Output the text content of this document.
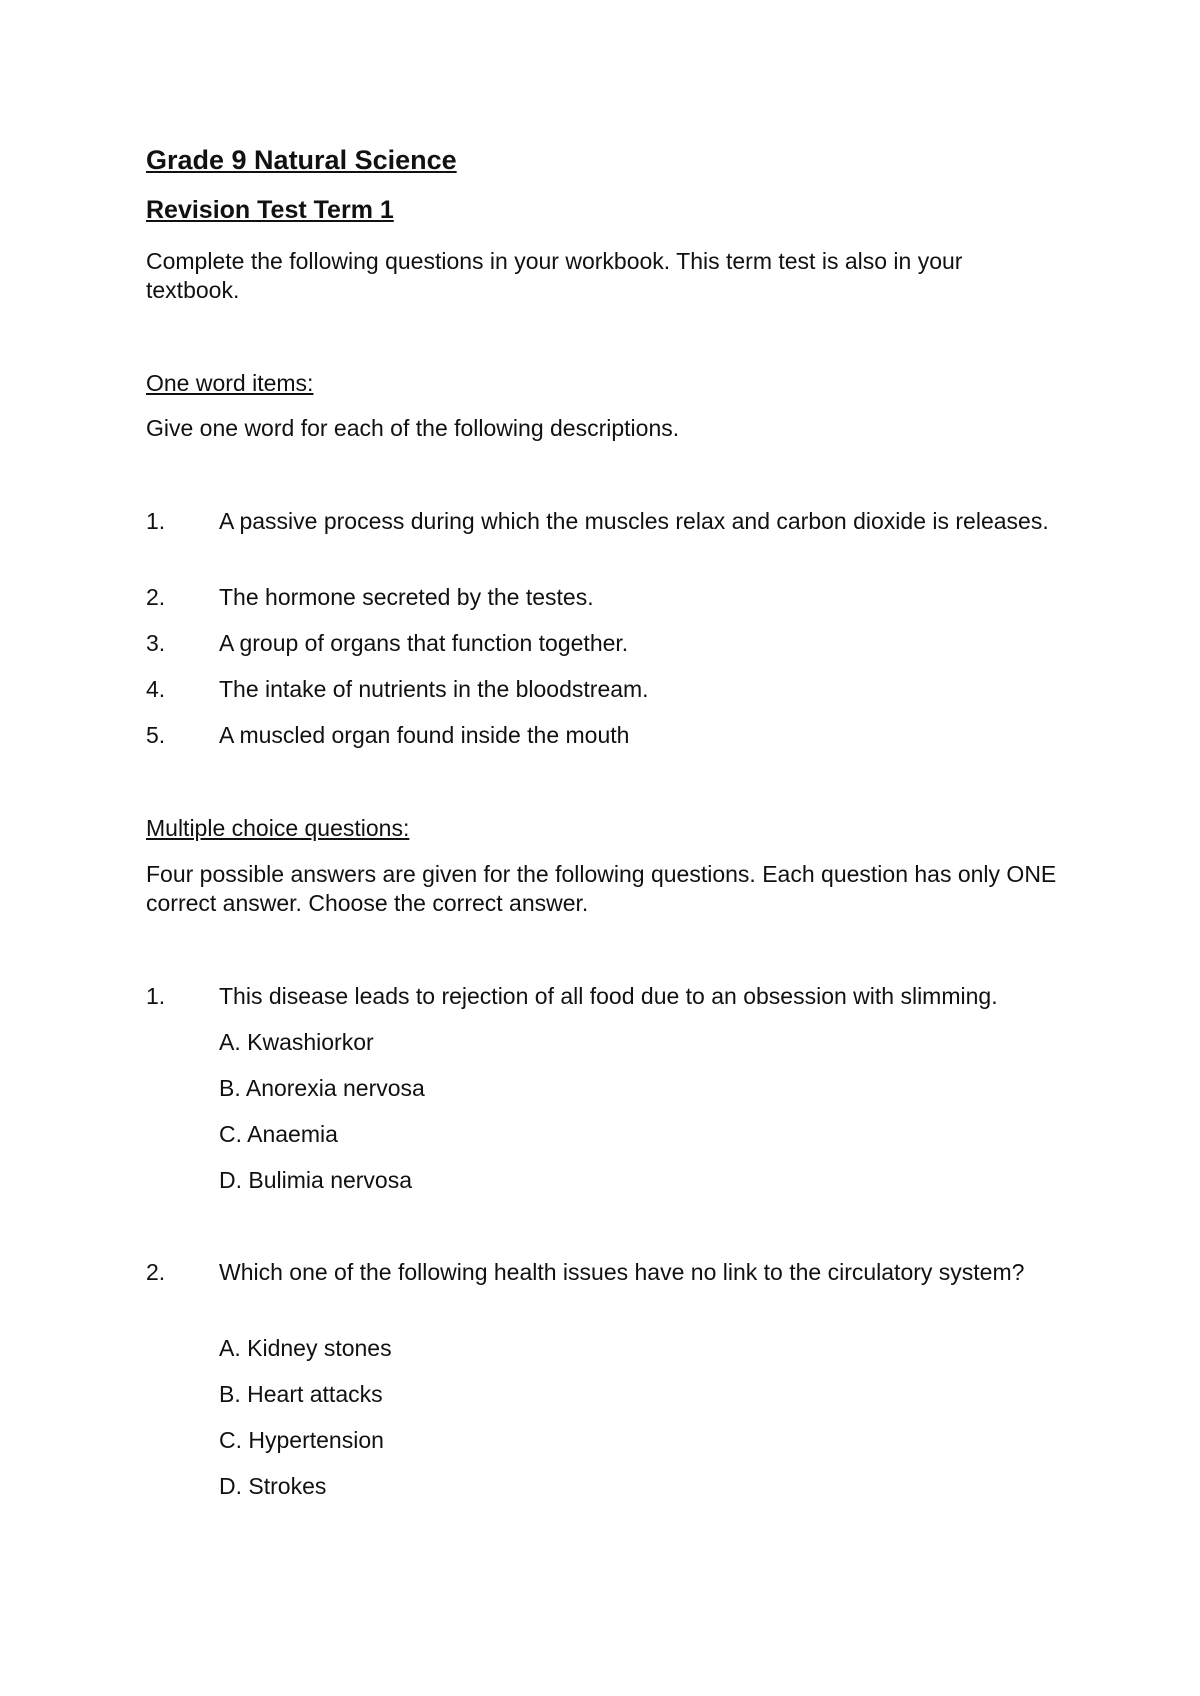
Grade 9 Natural Science
Revision Test Term 1
Complete the following questions in your workbook. This term test is also in your textbook.
One word items:
Give one word for each of the following descriptions.
1. A passive process during which the muscles relax and carbon dioxide is releases.
2. The hormone secreted by the testes.
3. A group of organs that function together.
4. The intake of nutrients in the bloodstream.
5. A muscled organ found inside the mouth
Multiple choice questions:
Four possible answers are given for the following questions. Each question has only ONE correct answer. Choose the correct answer.
1. This disease leads to rejection of all food due to an obsession with slimming.
A. Kwashiorkor
B. Anorexia nervosa
C. Anaemia
D. Bulimia nervosa
2. Which one of the following health issues have no link to the circulatory system?
A. Kidney stones
B. Heart attacks
C. Hypertension
D. Strokes
